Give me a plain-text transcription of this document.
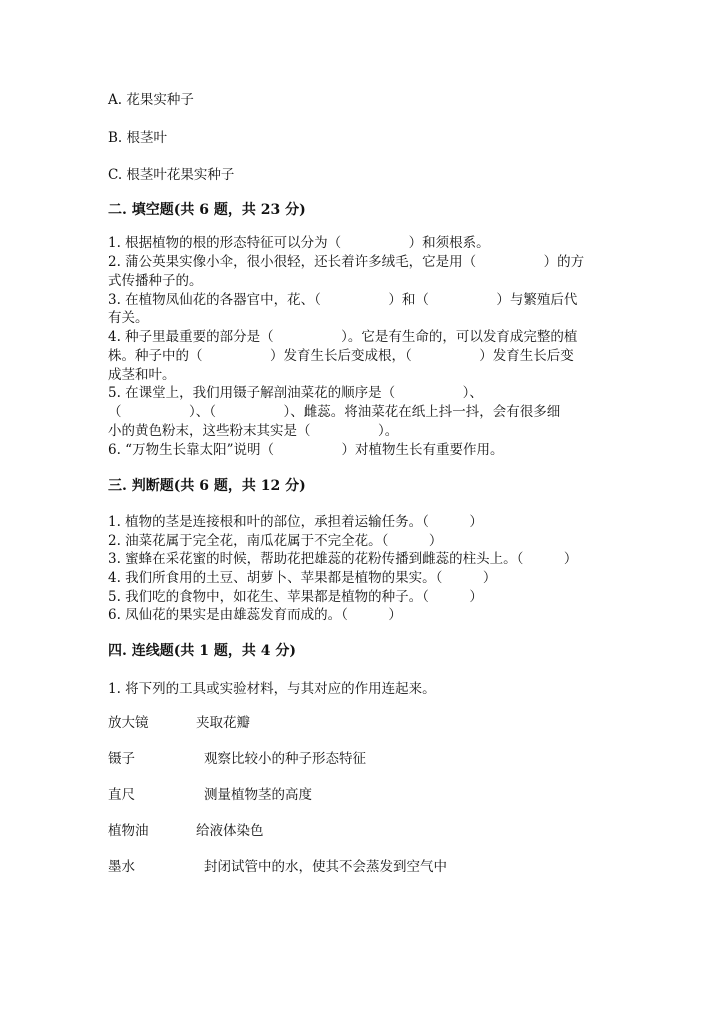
A. 花果实种子
B. 根茎叶
C. 根茎叶花果实种子
二. 填空题(共 6 题，共 23 分)
1. 根据植物的根的形态特征可以分为（　　　　　）和须根系。
2. 蒲公英果实像小伞，很小很轻，还长着许多绒毛，它是用（　　　　　）的方
式传播种子的。
3. 在植物凤仙花的各器官中，花、（　　　　　）和（　　　　　）与繁殖后代
有关。
4. 种子里最重要的部分是（　　　　　）。它是有生命的，可以发育成完整的植
株。种子中的（　　　　　）发育生长后变成根，（　　　　　）发育生长后变
成茎和叶。
5. 在课堂上，我们用镊子解剖油菜花的顺序是（　　　　　）、
（　　　　　）、（　　　　　）、雌蕊。将油菜花在纸上抖一抖，会有很多细
小的黄色粉末，这些粉末其实是（　　　　　）。
6. “万物生长靠太阳”说明（　　　　　）对植物生长有重要作用。
三. 判断题(共 6 题，共 12 分)
1. 植物的茎是连接根和叶的部位，承担着运输任务。（　　　）
2. 油菜花属于完全花，南瓜花属于不完全花。（　　　）
3. 蜜蜂在采花蜜的时候，帮助花把雄蕊的花粉传播到雌蕊的柱头上。（　　　）
4. 我们所食用的土豆、胡萝卜、苹果都是植物的果实。（　　　）
5. 我们吃的食物中，如花生、苹果都是植物的种子。（　　　）
6. 凤仙花的果实是由雄蕊发育而成的。（　　　）
四. 连线题(共 1 题，共 4 分)
1. 将下列的工具或实验材料，与其对应的作用连起来。
放大镜	夹取花瓣
镊子	观察比较小的种子形态特征
直尺	测量植物茎的高度
植物油	给液体染色
墨水	封闭试管中的水，使其不会蒸发到空气中
